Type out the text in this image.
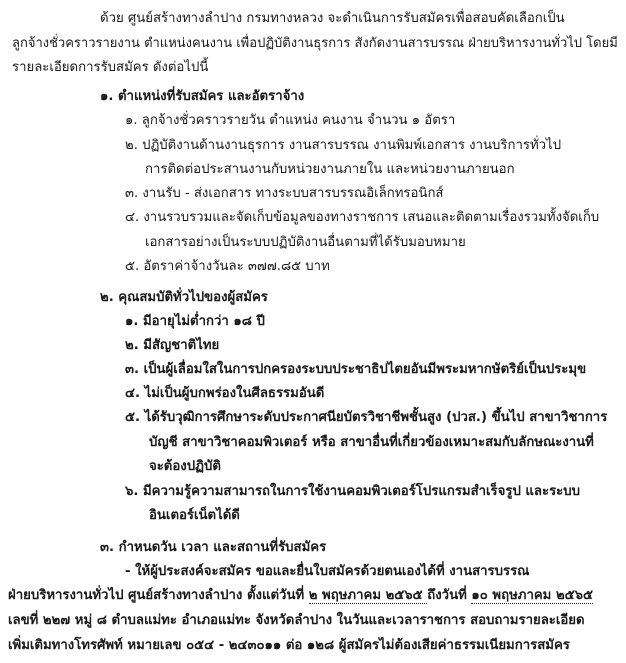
ด้วย ศูนย์สร้างทางลำปาง กรมทางหลวง จะดำเนินการรับสมัครเพื่อสอบคัดเลือกเป็น
ลูกจ้างชั่วคราวรายงาน ตำแหน่งคนงาน เพื่อปฏิบัติงานธุรการ สังกัดงานสารบรรณ ฝ่ายบริหารงานทั่วไป โดยมี
รายละเอียดการรับสมัคร ดังต่อไปนี้
๑. ตำแหน่งที่รับสมัคร และอัตราจ้าง
๑. ลูกจ้างชั่วคราวรายวัน ตำแหน่ง คนงาน จำนวน ๑ อัตรา
๒. ปฏิบัติงานด้านงานธุรการ งานสารบรรณ งานพิมพ์เอกสาร งานบริการทั่วไป
การติดต่อประสานงานกับหน่วยงานภายใน และหน่วยงานภายนอก
๓. งานรับ - ส่งเอกสาร ทางระบบสารบรรณอิเล็กทรอนิกส์
๔. งานรวบรวมและจัดเก็บข้อมูลของทางราชการ เสนอและติดตามเรื่องรวมทั้งจัดเก็บ
เอกสารอย่างเป็นระบบปฏิบัติงานอื่นตามที่ได้รับมอบหมาย
๕. อัตราค่าจ้างวันละ ๓๗๗.๘๕ บาท
๒. คุณสมบัติทั่วไปของผู้สมัคร
๑. มีอายุไม่ต่ำกว่า ๑๘ ปี
๒. มีสัญชาติไทย
๓. เป็นผู้เลื่อมใสในการปกครองระบบประชาธิปไตยอันมีพระมหากษัตริย์เป็นประมุข
๔. ไม่เป็นผู้บกพร่องในศีลธรรมอันดี
๕. ได้รับวุฒิการศึกษาระดับประกาศนียบัตรวิชาชีพชั้นสูง (ปวส.) ขึ้นไป สาขาวิชาการ
บัญชี สาขาวิชาคอมพิวเตอร์ หรือ สาขาอื่นที่เกี่ยวข้องเหมาะสมกับลักษณะงานที่
จะต้องปฏิบัติ
๖. มีความรู้ความสามารถในการใช้งานคอมพิวเตอร์โปรแกรมสำเร็จรูป และระบบ
อินเตอร์เน็ตได้ดี
๓. กำหนดวัน เวลา และสถานที่รับสมัคร
- ให้ผู้ประสงค์จะสมัคร ขอและยื่นใบสมัครด้วยตนเองได้ที่ งานสารบรรณ
ฝ่ายบริหารงานทั่วไป ศูนย์สร้างทางลำปาง ตั้งแต่วันที่ ๒ พฤษภาคม ๒๕๖๕ ถึงวันที่ ๑๐ พฤษภาคม ๒๕๖๕
เลขที่ ๒๒๗ หมู่ ๘ ตำบลแม่ทะ อำเภอแม่ทะ จังหวัดลำปาง ในวันและเวลาราชการ สอบถามรายละเอียด
เพิ่มเติมทางโทรศัพท์ หมายเลข ๐๕๔ - ๒๔๓๐๑๑ ต่อ ๑๒๘ ผู้สมัครไม่ต้องเสียค่าธรรมเนียมการสมัคร
